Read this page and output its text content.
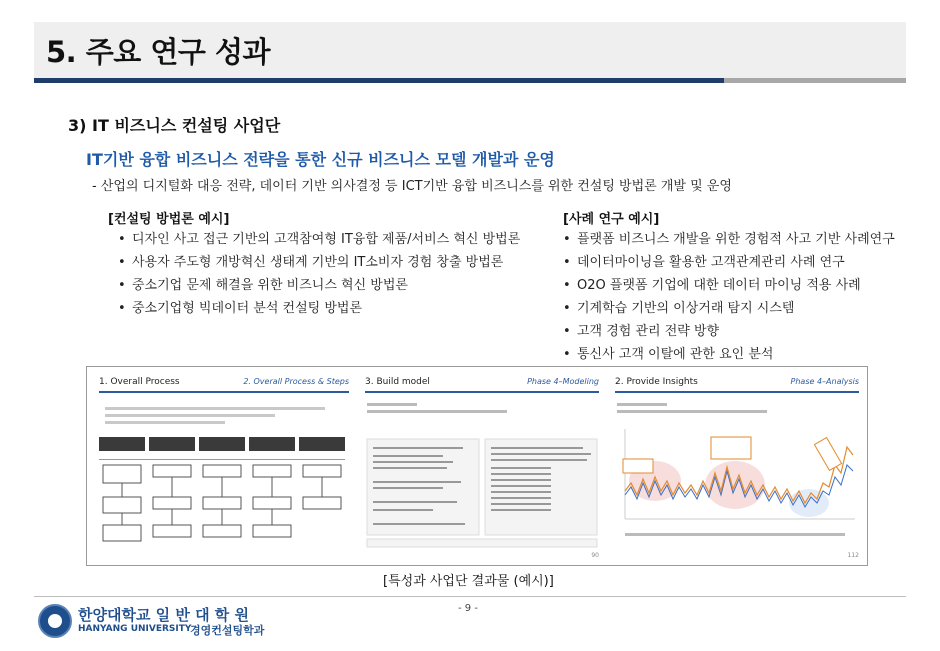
5. 주요 연구 성과
3) IT 비즈니스 컨설팅 사업단
IT기반 융합 비즈니스 전략을 통한 신규 비즈니스 모델 개발과 운영
- 산업의 디지털화 대응 전략, 데이터 기반 의사결정 등 ICT기반 융합 비즈니스를 위한 컨설팅 방법론 개발 및 운영
[컨설팅 방법론 예시]
• 디자인 사고 접근 기반의 고객참여형 IT융합 제품/서비스 혁신 방법론
• 사용자 주도형 개방혁신 생태계 기반의 IT소비자 경험 창출 방법론
• 중소기업 문제 해결을 위한 비즈니스 혁신 방법론
• 중소기업형 빅데이터 분석 컨설팅 방법론
[사례 연구 예시]
• 플랫폼 비즈니스 개발을 위한 경험적 사고 기반 사례연구
• 데이터마이닝을 활용한 고객관계관리 사례 연구
• O2O 플랫폼 기업에 대한 데이터 마이닝 적용 사례
• 기계학습 기반의 이상거래 탐지 시스템
• 고객 경험 관리 전략 방향
• 통신사 고객 이탈에 관한 요인 분석
1. Overall Process	2. Overall Process & Steps 3. Build model	Phase 4–Modeling
90
2. Provide Insights	Phase 4–Analysis
112
[특성과 사업단 결과물 (예시)]
- 9 -
한양대학교 일 반 대 학 원
HANYANG UNIVERSITY
경영컨설팅학과
